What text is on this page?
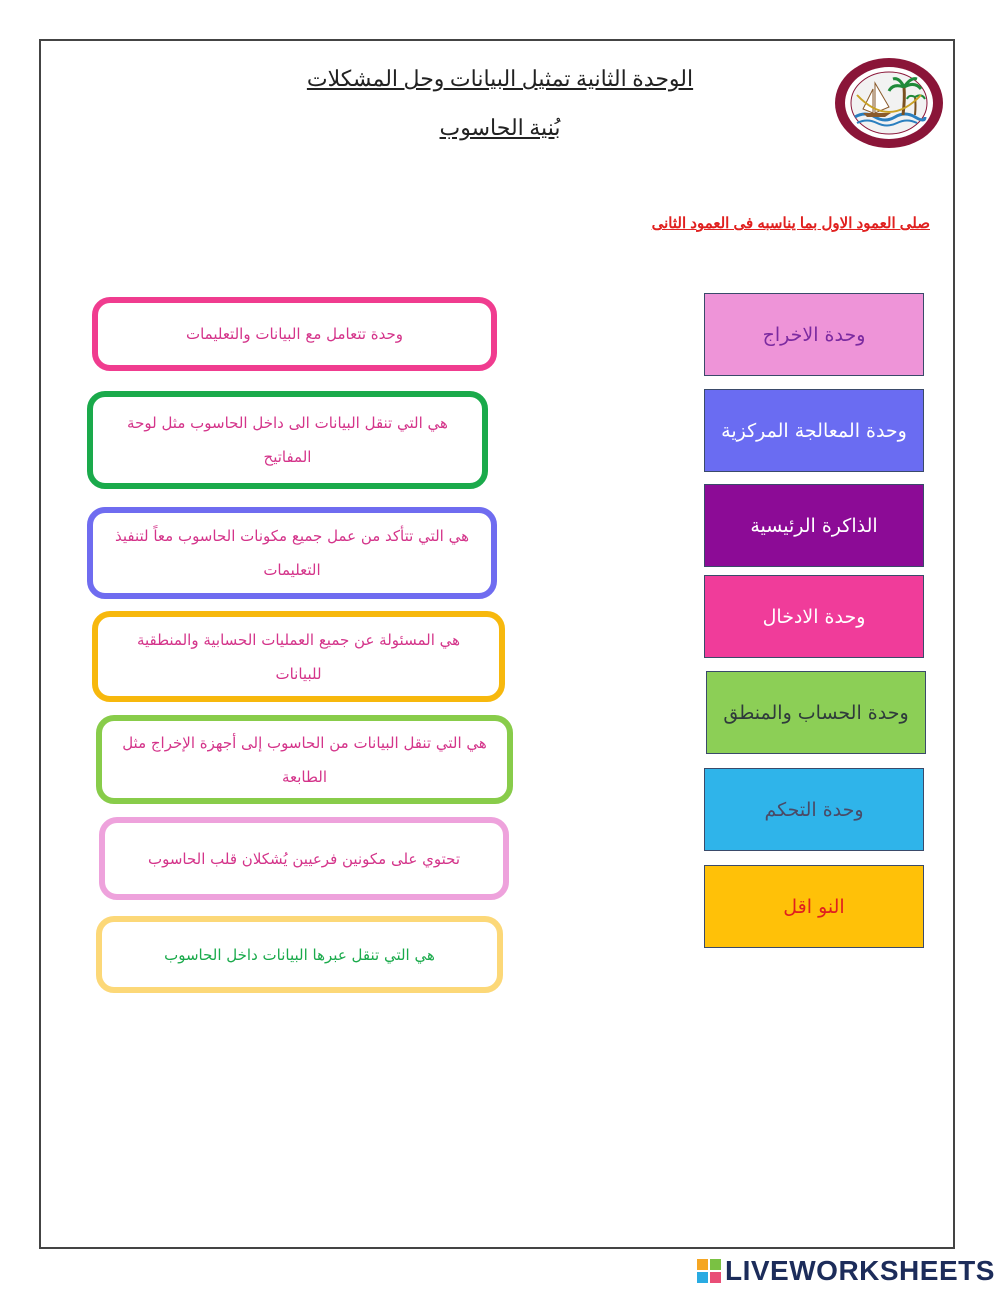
الوحدة الثانية تمثيل البيانات وحل المشكلات
بُنية الحاسوب
صلى العمود الاول بما يناسبه فى العمود الثانى
وحدة تتعامل مع البيانات والتعليمات
هي التي تنقل البيانات الى داخل الحاسوب مثل لوحة المفاتيح
هي التي تتأكد من عمل جميع مكونات الحاسوب معاً لتنفيذ التعليمات
هي المسئولة عن جميع العمليات الحسابية والمنطقية للبيانات
هي التي تنقل البيانات من الحاسوب إلى أجهزة الإخراج مثل الطابعة
تحتوي على مكونين فرعيين يُشكلان قلب الحاسوب
هي التي تنقل عبرها البيانات داخل الحاسوب
وحدة الاخراج
وحدة المعالجة المركزية
الذاكرة الرئيسية
وحدة الادخال
وحدة الحساب والمنطق
وحدة التحكم
النو اقل
LIVEWORKSHEETS
